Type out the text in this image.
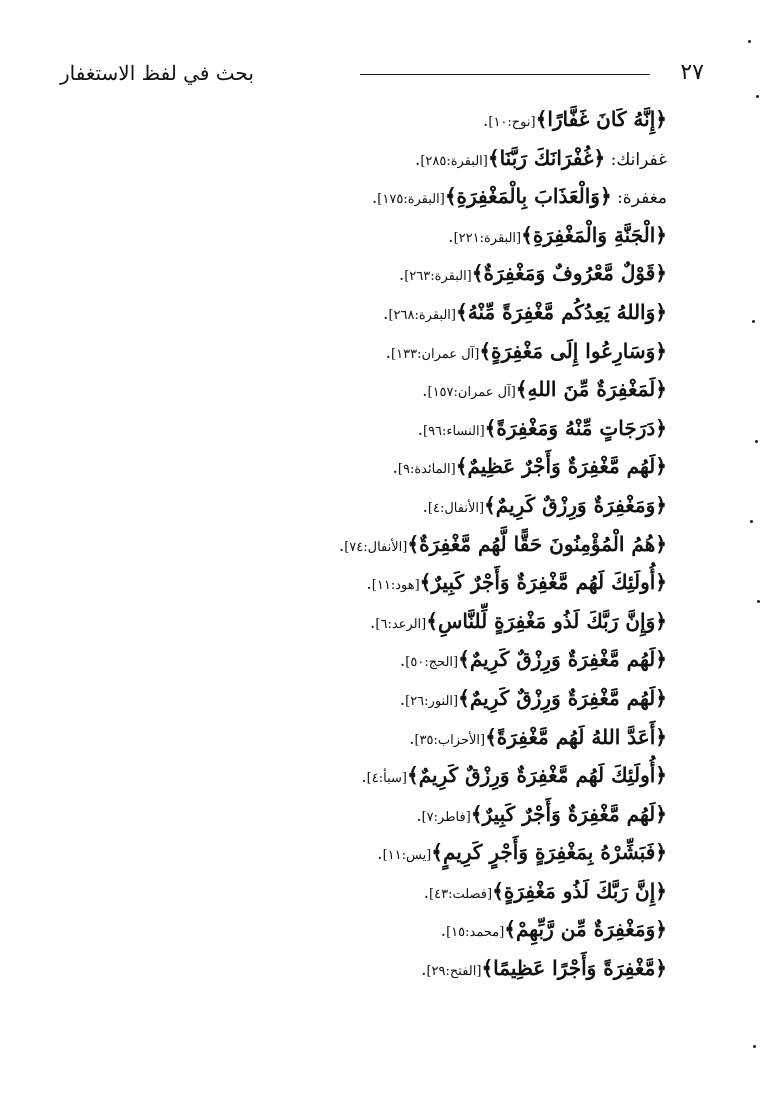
٢٧
بحث في لفظ الاستغفار
﴿إِنَّهُ كَانَ غَفَّارًا﴾[نوح:١٠].
غفرانك: ﴿غُفْرَانَكَ رَبَّنَا﴾[البقرة:٢٨٥].
مغفرة: ﴿وَالْعَذَابَ بِالْمَغْفِرَةِ﴾[البقرة:١٧٥].
﴿الْجَنَّةِ وَالْمَغْفِرَةِ﴾[البقرة:٢٢١].
﴿قَوْلٌ مَّعْرُوفٌ وَمَغْفِرَةٌ﴾[البقرة:٢٦٣].
﴿وَاللهُ يَعِدُكُم مَّغْفِرَةً مِّنْهُ﴾[البقرة:٢٦٨].
﴿وَسَارِعُوا إِلَى مَغْفِرَةٍ﴾[آل عمران:١٣٣].
﴿لَمَغْفِرَةٌ مِّنَ اللهِ﴾[آل عمران:١٥٧].
﴿دَرَجَاتٍ مِّنْهُ وَمَغْفِرَةً﴾[النساء:٩٦].
﴿لَهُم مَّغْفِرَةٌ وَأَجْرٌ عَظِيمٌ﴾[المائدة:٩].
﴿وَمَغْفِرَةٌ وَرِزْقٌ كَرِيمٌ﴾[الأنفال:٤].
﴿هُمُ الْمُؤْمِنُونَ حَقًّا لَّهُم مَّغْفِرَةٌ﴾[الأنفال:٧٤].
﴿أُولَئِكَ لَهُم مَّغْفِرَةٌ وَأَجْرٌ كَبِيرٌ﴾[هود:١١].
﴿وَإِنَّ رَبَّكَ لَذُو مَغْفِرَةٍ لِّلنَّاسِ﴾[الرعد:٦].
﴿لَهُم مَّغْفِرَةٌ وَرِزْقٌ كَرِيمٌ﴾[الحج:٥٠].
﴿لَهُم مَّغْفِرَةٌ وَرِزْقٌ كَرِيمٌ﴾[النور:٢٦].
﴿أَعَدَّ اللهُ لَهُم مَّغْفِرَةً﴾[الأحزاب:٣٥].
﴿أُولَئِكَ لَهُم مَّغْفِرَةٌ وَرِزْقٌ كَرِيمٌ﴾[سبأ:٤].
﴿لَهُم مَّغْفِرَةٌ وَأَجْرٌ كَبِيرٌ﴾[فاطر:٧].
﴿فَبَشِّرْهُ بِمَغْفِرَةٍ وَأَجْرٍ كَرِيمٍ﴾[يس:١١].
﴿إِنَّ رَبَّكَ لَذُو مَغْفِرَةٍ﴾[فصلت:٤٣].
﴿وَمَغْفِرَةٌ مِّن رَّبِّهِمْ﴾[محمد:١٥].
﴿مَّغْفِرَةً وَأَجْرًا عَظِيمًا﴾[الفتح:٢٩].
